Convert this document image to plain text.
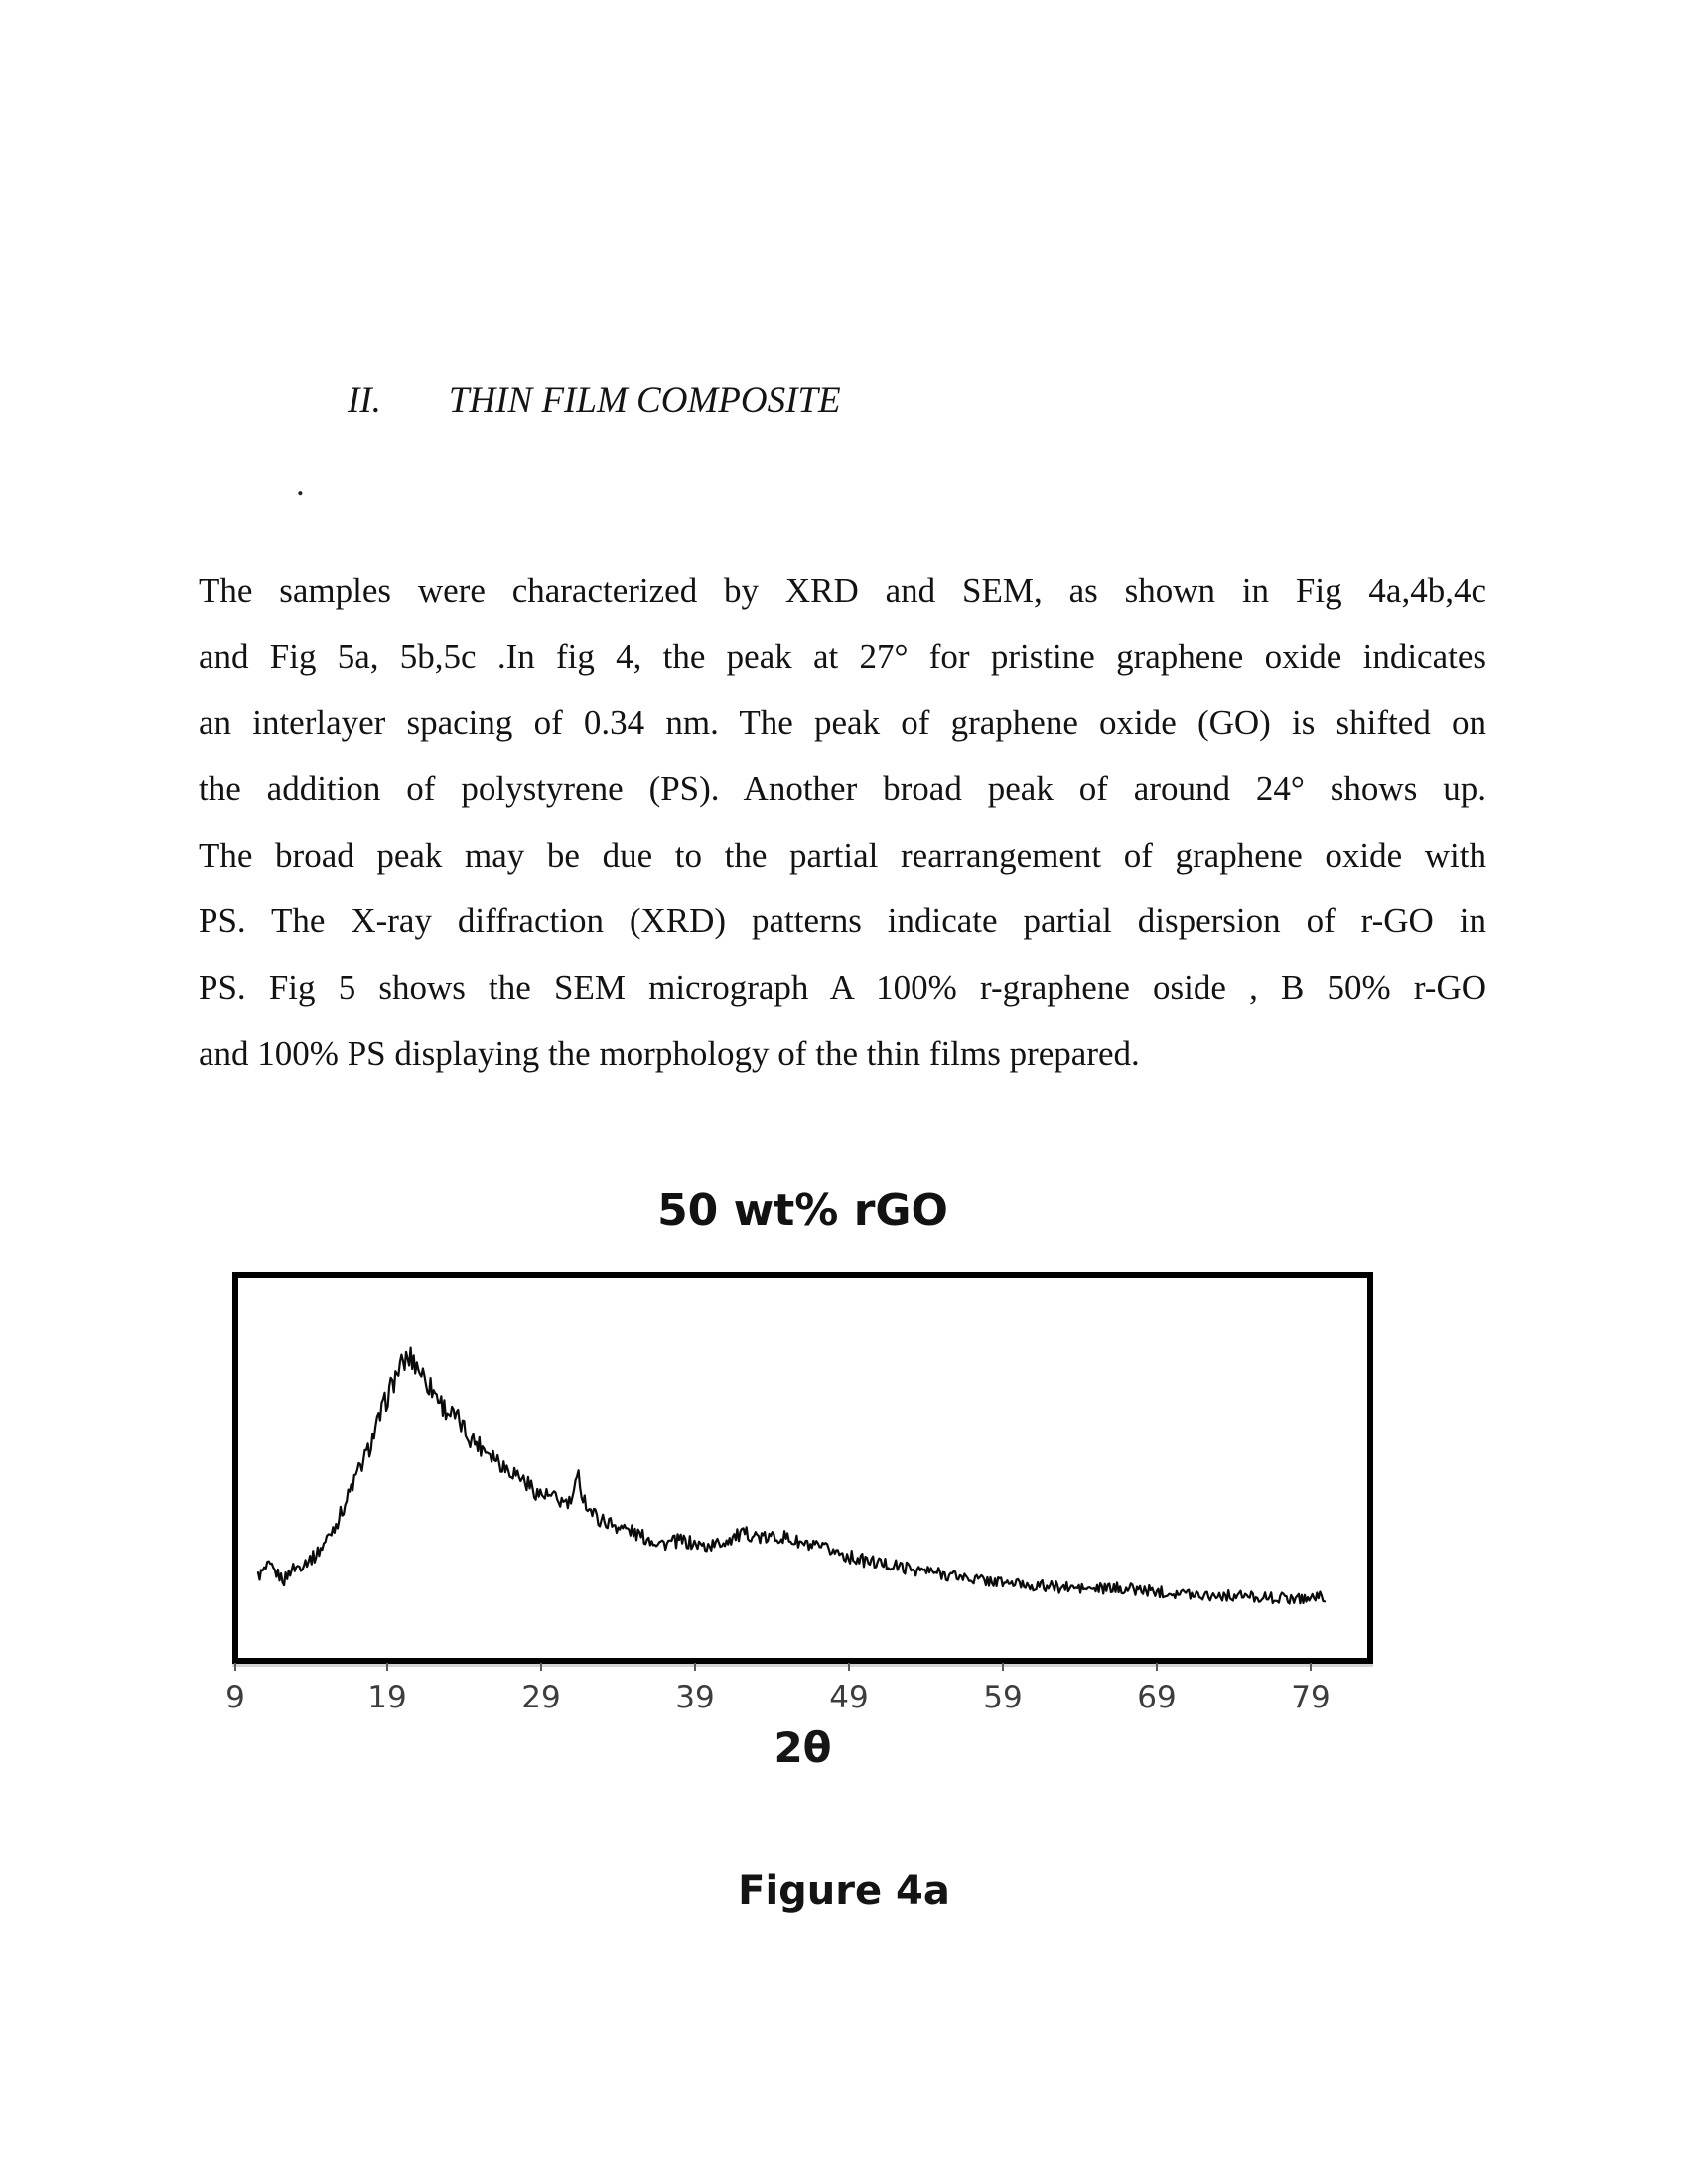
II. THIN FILM COMPOSITE
.
The samples were characterized by XRD and SEM, as shown in Fig 4a,4b,4c
and Fig 5a, 5b,5c .In fig 4, the peak at 27° for pristine graphene oxide indicates
an interlayer spacing of 0.34 nm. The peak of graphene oxide (GO) is shifted on
the addition of polystyrene (PS). Another broad peak of around 24° shows up.
The broad peak may be due to the partial rearrangement of graphene oxide with
PS. The X-ray diffraction (XRD) patterns indicate partial dispersion of r-GO in
PS. Fig 5 shows the SEM micrograph A 100% r-graphene oside , B 50% r-GO
and 100% PS displaying the morphology of the thin films prepared.
50 wt% rGO
9	19	29	39	49	59	69	79
2θ
Figure 4a
